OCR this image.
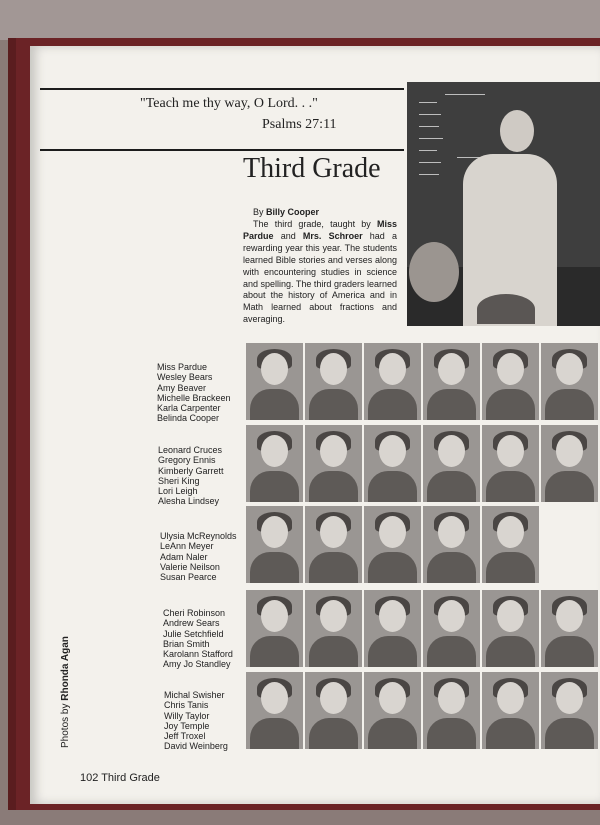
"Teach me thy way, O Lord. . ."
Psalms 27:11
Third Grade
By Billy Cooper
The third grade, taught by Miss Pardue and Mrs. Schroer had a rewarding year this year. The students learned Bible stories and verses along with encountering studies in science and spelling. The third graders learned about the history of America and in Math learned about fractions and averaging.
Miss Pardue
Wesley Bears
Amy Beaver
Michelle Brackeen
Karla Carpenter
Belinda Cooper
Leonard Cruces
Gregory Ennis
Kimberly Garrett
Sheri King
Lori Leigh
Alesha Lindsey
Ulysia McReynolds
LeAnn Meyer
Adam Naler
Valerie Neilson
Susan Pearce
Cheri Robinson
Andrew Sears
Julie Setchfield
Brian Smith
Karolann Stafford
Amy Jo Standley
Michal Swisher
Chris Tanis
Willy Taylor
Joy Temple
Jeff Troxel
David Weinberg
Photos by Rhonda Agan
102 Third Grade
